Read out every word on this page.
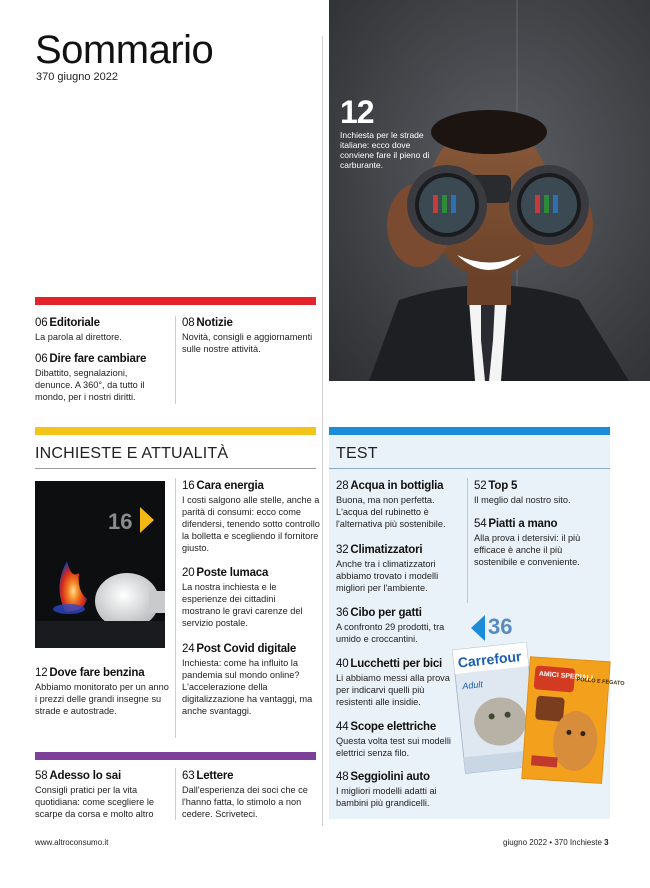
Sommario
370 giugno 2022
12
Inchiesta per le strade italiane: ecco dove conviene fare il pieno di carburante.
06 Editoriale
La parola al direttore.
06 Dire fare cambiare
Dibattito, segnalazioni, denunce. A 360°, da tutto il mondo, per i nostri diritti.
08 Notizie
Novità, consigli e aggiornamenti sulle nostre attività.
INCHIESTE E ATTUALITÀ
16
12 Dove fare benzina
Abbiamo monitorato per un anno i prezzi delle grandi insegne su strade e autostrade.
16 Cara energia
I costi salgono alle stelle, anche a parità di consumi: ecco come difendersi, tenendo sotto controllo la bolletta e scegliendo il fornitore giusto.
20 Poste lumaca
La nostra inchiesta e le esperienze dei cittadini mostrano le gravi carenze del servizio postale.
24 Post Covid digitale
Inchiesta: come ha influito la pandemia sul mondo online? L'accelerazione della digitalizzazione ha vantaggi, ma anche svantaggi.
TEST
28 Acqua in bottiglia
Buona, ma non perfetta. L'acqua del rubinetto è l'alternativa più sostenibile.
32 Climatizzatori
Anche tra i climatizzatori abbiamo trovato i modelli migliori per l'ambiente.
36 Cibo per gatti
A confronto 29 prodotti, tra umido e croccantini.
40 Lucchetti per bici
Li abbiamo messi alla prova per indicarvi quelli più resistenti alle insidie.
44 Scope elettriche
Questa volta test sui modelli elettrici senza filo.
48 Seggiolini auto
I migliori modelli adatti ai bambini più grandicelli.
52 Top 5
Il meglio dal nostro sito.
54 Piatti a mano
Alla prova i detersivi: il più efficace è anche il più sostenibile e conveniente.
36
Carrefour
Adult
AMICI SPECIALI
POLLO E FEGATO
58 Adesso lo sai
Consigli pratici per la vita quotidiana: come scegliere le scarpe da corsa e molto altro
63 Lettere
Dall'esperienza dei soci che ce l'hanno fatta, lo stimolo a non cedere. Scriveteci.
www.altroconsumo.it	giugno 2022 • 370 Inchieste 3
